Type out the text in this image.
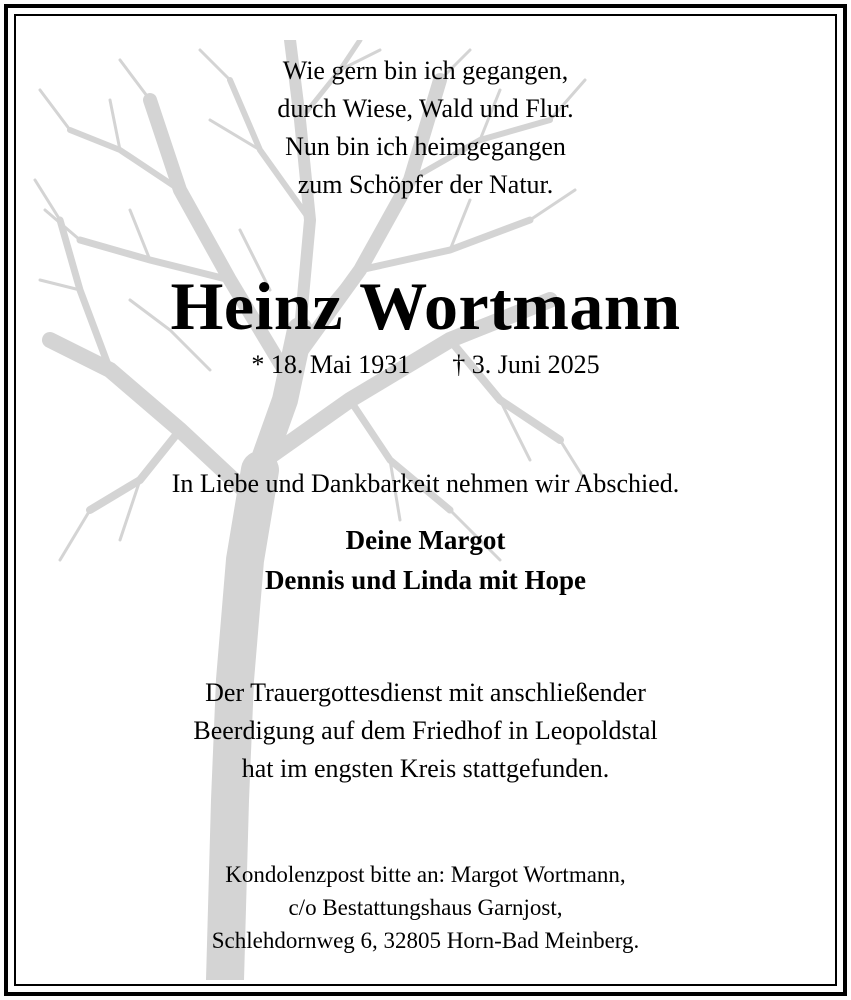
Wie gern bin ich gegangen,
durch Wiese, Wald und Flur.
Nun bin ich heimgegangen
zum Schöpfer der Natur.
Heinz Wortmann
* 18. Mai 1931 † 3. Juni 2025
In Liebe und Dankbarkeit nehmen wir Abschied.
Deine Margot
Dennis und Linda mit Hope
Der Trauergottesdienst mit anschließender
Beerdigung auf dem Friedhof in Leopoldstal
hat im engsten Kreis stattgefunden.
Kondolenzpost bitte an: Margot Wortmann,
c/o Bestattungshaus Garnjost,
Schlehdornweg 6, 32805 Horn-Bad Meinberg.
